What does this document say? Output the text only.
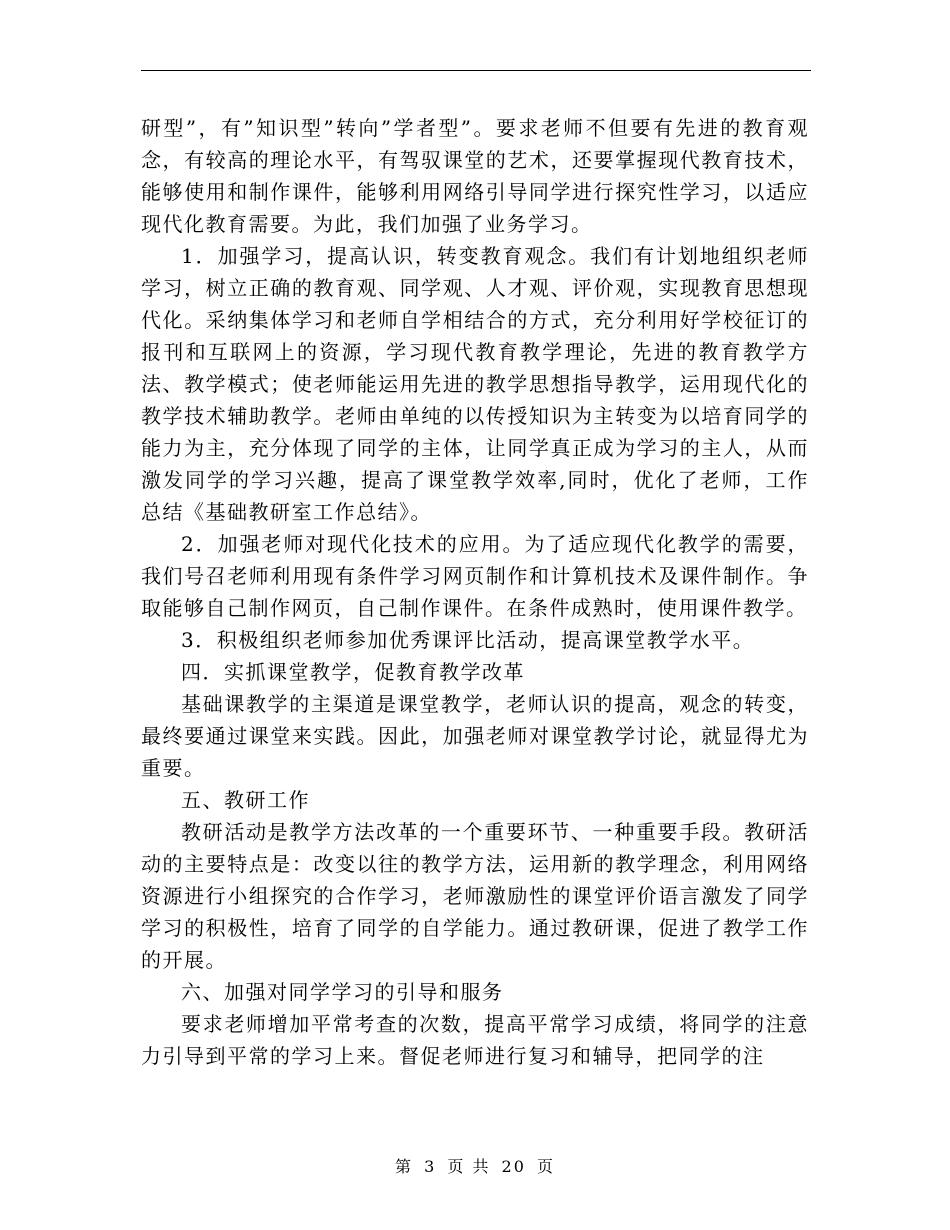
研型”，有”知识型”转向”学者型”。要求老师不但要有先进的教育观念，有较高的理论水平，有驾驭课堂的艺术，还要掌握现代教育技术，能够使用和制作课件，能够利用网络引导同学进行探究性学习，以适应现代化教育需要。为此，我们加强了业务学习。

1．加强学习，提高认识，转变教育观念。我们有计划地组织老师学习，树立正确的教育观、同学观、人才观、评价观，实现教育思想现代化。采纳集体学习和老师自学相结合的方式，充分利用好学校征订的报刊和互联网上的资源，学习现代教育教学理论，先进的教育教学方法、教学模式；使老师能运用先进的教学思想指导教学，运用现代化的教学技术辅助教学。老师由单纯的以传授知识为主转变为以培育同学的能力为主，充分体现了同学的主体，让同学真正成为学习的主人，从而激发同学的学习兴趣，提高了课堂教学效率,同时，优化了老师，工作总结《基础教研室工作总结》。

2．加强老师对现代化技术的应用。为了适应现代化教学的需要，我们号召老师利用现有条件学习网页制作和计算机技术及课件制作。争取能够自己制作网页，自己制作课件。在条件成熟时，使用课件教学。

3．积极组织老师参加优秀课评比活动，提高课堂教学水平。

四．实抓课堂教学，促教育教学改革

基础课教学的主渠道是课堂教学，老师认识的提高，观念的转变，最终要通过课堂来实践。因此，加强老师对课堂教学讨论，就显得尤为重要。

五、教研工作

教研活动是教学方法改革的一个重要环节、一种重要手段。教研活动的主要特点是：改变以往的教学方法，运用新的教学理念，利用网络资源进行小组探究的合作学习，老师激励性的课堂评价语言激发了同学学习的积极性，培育了同学的自学能力。通过教研课，促进了教学工作的开展。

六、加强对同学学习的引导和服务

要求老师增加平常考查的次数，提高平常学习成绩，将同学的注意力引导到平常的学习上来。督促老师进行复习和辅导，把同学的注

第 3 页 共 20 页
